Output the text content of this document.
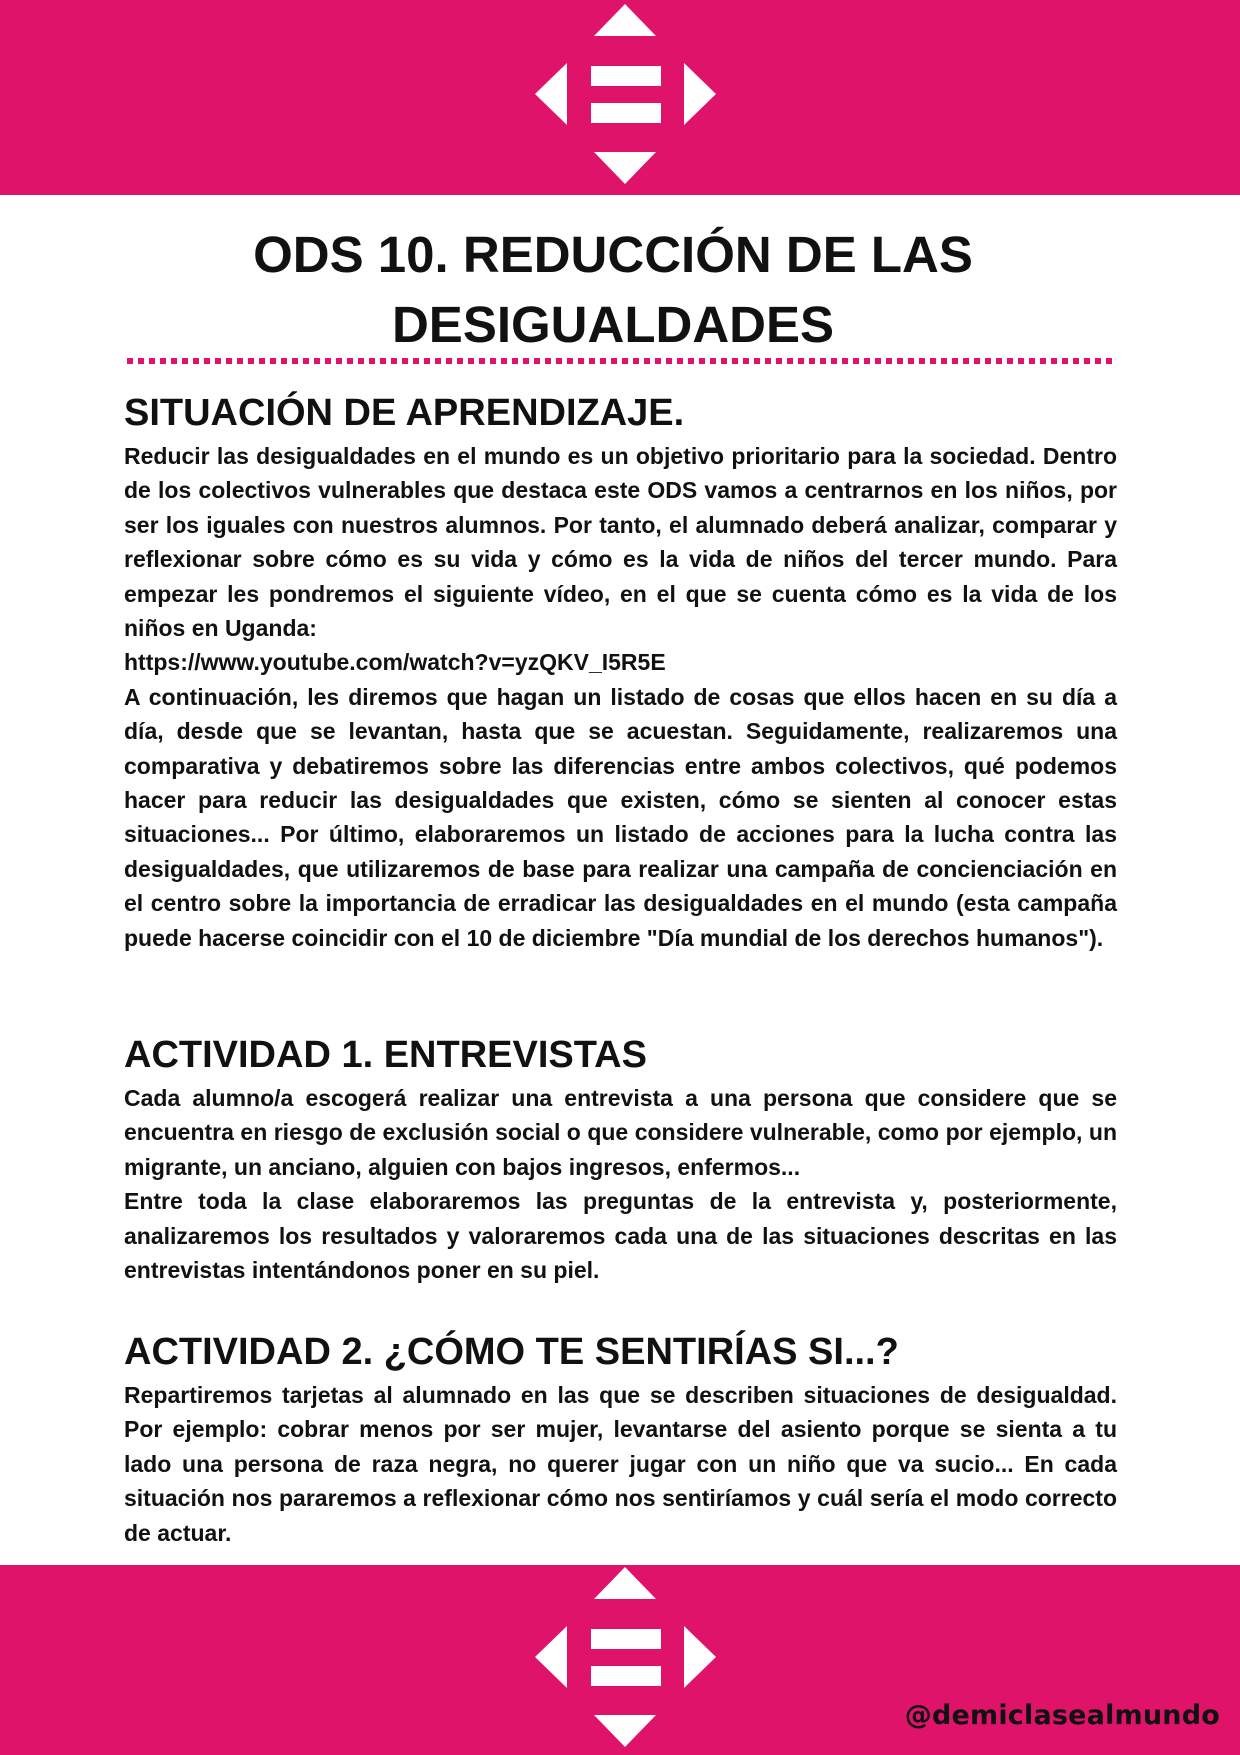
ODS 10. REDUCCIÓN DE LAS DESIGUALDADES
SITUACIÓN DE APRENDIZAJE.

Reducir las desigualdades en el mundo es un objetivo prioritario para la sociedad. Dentro de los colectivos vulnerables que destaca este ODS vamos a centrarnos en los niños, por ser los iguales con nuestros alumnos. Por tanto, el alumnado deberá analizar, comparar y reflexionar sobre cómo es su vida y cómo es la vida de niños del tercer mundo. Para empezar les pondremos el siguiente vídeo, en el que se cuenta cómo es la vida de los niños en Uganda:

https://www.youtube.com/watch?v=yzQKV_I5R5E

A continuación, les diremos que hagan un listado de cosas que ellos hacen en su día a día, desde que se levantan, hasta que se acuestan. Seguidamente, realizaremos una comparativa y debatiremos sobre las diferencias entre ambos colectivos, qué podemos hacer para reducir las desigualdades que existen, cómo se sienten al conocer estas situaciones... Por último, elaboraremos un listado de acciones para la lucha contra las desigualdades, que utilizaremos de base para realizar una campaña de concienciación en el centro sobre la importancia de erradicar las desigualdades en el mundo (esta campaña puede hacerse coincidir con el 10 de diciembre "Día mundial de los derechos humanos").

ACTIVIDAD 1. ENTREVISTAS

Cada alumno/a escogerá realizar una entrevista a una persona que considere que se encuentra en riesgo de exclusión social o que considere vulnerable, como por ejemplo, un migrante, un anciano, alguien con bajos ingresos, enfermos...

Entre toda la clase elaboraremos las preguntas de la entrevista y, posteriormente, analizaremos los resultados y valoraremos cada una de las situaciones descritas en las entrevistas intentándonos poner en su piel.

ACTIVIDAD 2. ¿CÓMO TE SENTIRÍAS SI...?

Repartiremos tarjetas al alumnado en las que se describen situaciones de desigualdad. Por ejemplo: cobrar menos por ser mujer, levantarse del asiento porque se sienta a tu lado una persona de raza negra, no querer jugar con un niño que va sucio... En cada situación nos pararemos a reflexionar cómo nos sentiríamos y cuál sería el modo correcto de actuar.

@demiclasealmundo
